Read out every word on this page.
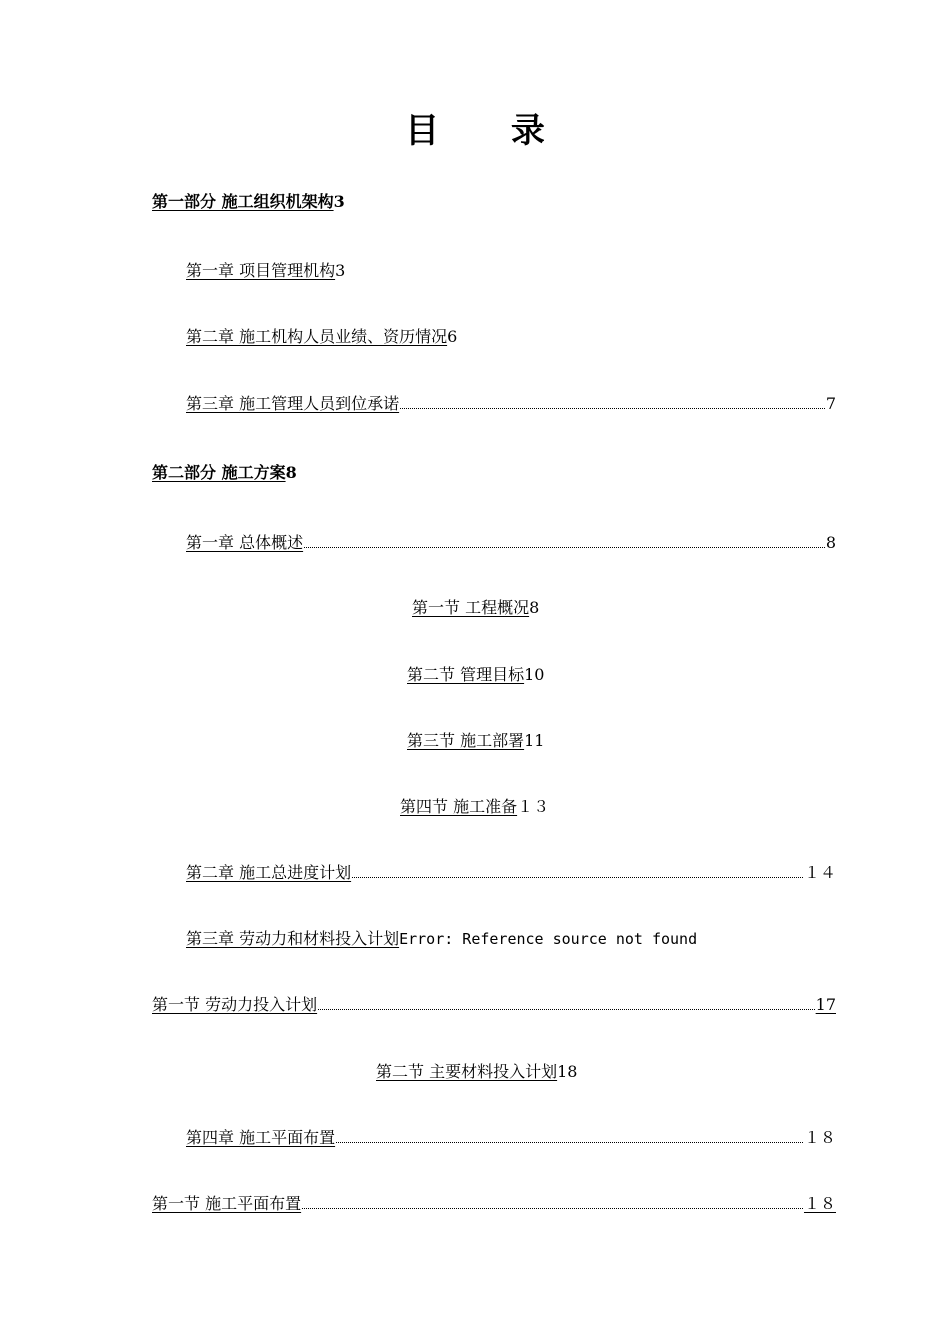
目 录
第一部分 施工组织机架构 3
第一章 项目管理机构 3
第二章 施工机构人员业绩、资历情况 6
第三章 施工管理人员到位承诺	7
第二部分 施工方案 8
第一章 总体概述	8
第一节 工程概况 8
第二节 管理目标 10
第三节 施工部署 11
第四节 施工准备 １３
第二章 施工总进度计划	１４
第三章 劳动力和材料投入计划 Error: Reference source not found
第一节 劳动力投入计划	17
第二节 主要材料投入计划 18
第四章 施工平面布置	１８
第一节 施工平面布置	１８
